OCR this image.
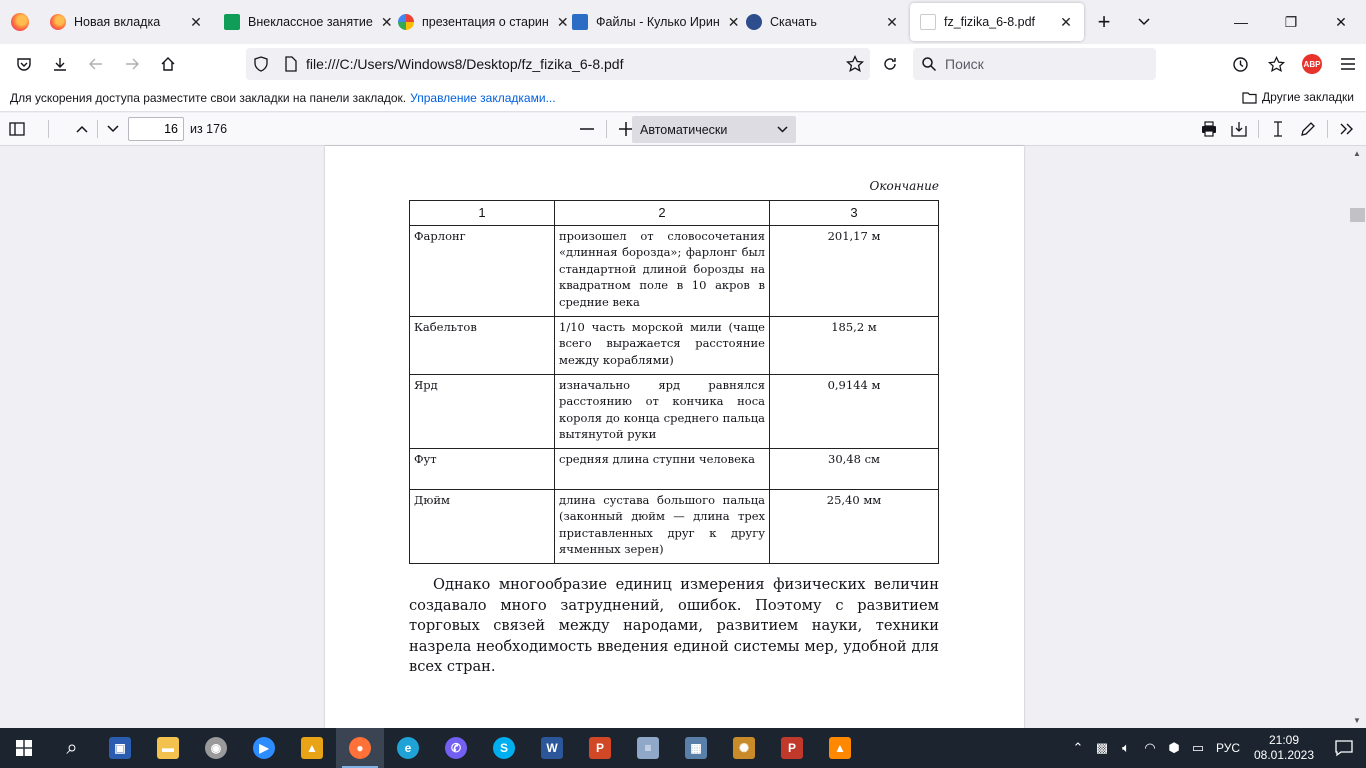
Новая вкладка	✕	Внеклассное занятие ✕ презентация о старин ✕ Файлы - Кулько Ирин ✕ Скачать	✕	fz_fizika_6-8.pdf	✕	+	—	❐	✕
file:///C:/Users/Windows8/Desktop/fz_fizika_6-8.pdf	Поиск	ABP
Для ускорения доступа разместите свои закладки на панели закладок. Управление закладками...	Другие закладки
16
из 176	Автоматически
Окончание
1	2	3
Фарлонг	произошел от словосочетания «длинная борозда»; фарлонг был стандартной длиной борозды на квадратном поле в 10 акров в средние века	201,17 м
Кабельтов	1/10 часть морской мили (чаще всего выражается расстояние между кораблями)	185,2 м
Ярд	изначально ярд равнялся расстоянию от кончика носа короля до конца среднего пальца вытянутой руки	0,9144 м
Фут	средняя длина ступни человека	30,48 см
Дюйм	длина сустава большого пальца (законный дюйм — длина трех приставленных друг к другу ячменных зерен)	25,40 мм

Однако многообразие единиц измерения физических величин создавало много затруднений, ошибок. Поэтому с развитием торговых связей между народами, развитием науки, техники назрела необходимость введения единой системы мер, удобной для всех стран.

▲
▼
⌕	▣	▬	◉	▶	▲	●	e	✆	S	W	P	≡	▦	✺	P	▲	⌃ ▩	🔈︎	◠ ⬢ ▭ РУС
21:09
08.01.2023
